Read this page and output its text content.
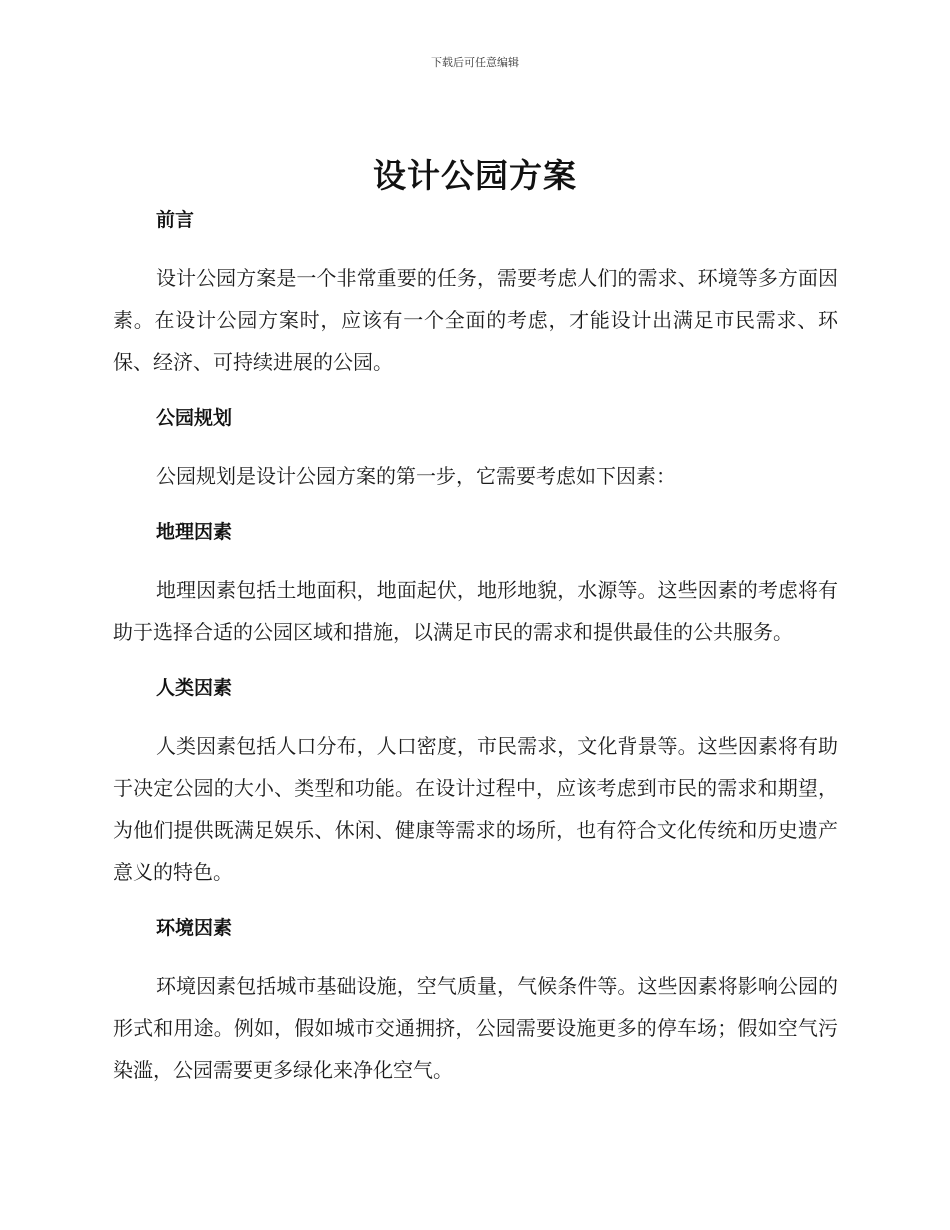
下载后可任意编辑
设计公园方案
前言

设计公园方案是一个非常重要的任务，需要考虑人们的需求、环境等多方面因素。在设计公园方案时，应该有一个全面的考虑，才能设计出满足市民需求、环保、经济、可持续进展的公园。

公园规划

公园规划是设计公园方案的第一步，它需要考虑如下因素：

地理因素

地理因素包括土地面积，地面起伏，地形地貌，水源等。这些因素的考虑将有助于选择合适的公园区域和措施，以满足市民的需求和提供最佳的公共服务。

人类因素

人类因素包括人口分布，人口密度，市民需求，文化背景等。这些因素将有助于决定公园的大小、类型和功能。在设计过程中，应该考虑到市民的需求和期望，为他们提供既满足娱乐、休闲、健康等需求的场所，也有符合文化传统和历史遗产意义的特色。

环境因素

环境因素包括城市基础设施，空气质量，气候条件等。这些因素将影响公园的形式和用途。例如，假如城市交通拥挤，公园需要设施更多的停车场；假如空气污染滥，公园需要更多绿化来净化空气。
